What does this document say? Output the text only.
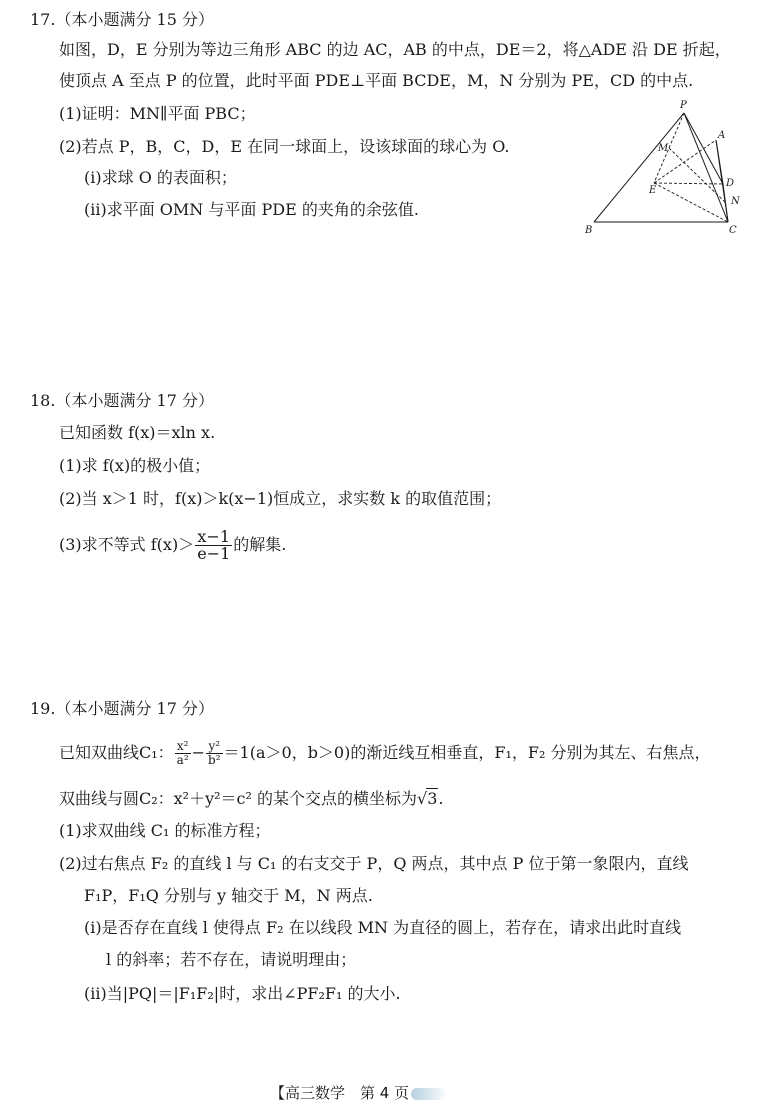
17.（本小题满分 15 分）
如图，D，E 分别为等边三角形 ABC 的边 AC，AB 的中点，DE＝2，将△ADE 沿 DE 折起，
使顶点 A 至点 P 的位置，此时平面 PDE⊥平面 BCDE，M，N 分别为 PE，CD 的中点.
(1)证明：MN∥平面 PBC；
(2)若点 P，B，C，D，E 在同一球面上，设该球面的球心为 O.
(ⅰ)求球 O 的表面积；
(ⅱ)求平面 OMN 与平面 PDE 的夹角的余弦值.
P
A
M
D
E
N
B	C
18.（本小题满分 17 分）
已知函数 f(x)＝xln x.
(1)求 f(x)的极小值；
(2)当 x＞1 时，f(x)＞k(x−1)恒成立，求实数 k 的取值范围；
(3)求不等式 $f(x)> \frac{x-1}{e-1}$ 的解集.
19.（本小题满分 17 分）
已知双曲线C₁： $\frac{\text{x²}}{\text{a²}} - \frac{\text{y²}}{\text{b²}} =1(a>0$，b＞0)的渐近线互相垂直，F₁，F₂ 分别为其左、右焦点，
双曲线与圆C₂：x²＋y²＝c² 的某个交点的横坐标为√3.
(1)求双曲线 C₁ 的标准方程；
(2)过右焦点 F₂ 的直线 l 与 C₁ 的右支交于 P，Q 两点，其中点 P 位于第一象限内，直线
F₁P，F₁Q 分别与 y 轴交于 M，N 两点.
(ⅰ)是否存在直线 l 使得点 F₂ 在以线段 MN 为直径的圆上，若存在，请求出此时直线
l 的斜率；若不存在，请说明理由；
(ⅱ)当|PQ|＝|F₁F₂|时，求出∠PF₂F₁ 的大小.
【高三数学　第 4 页
